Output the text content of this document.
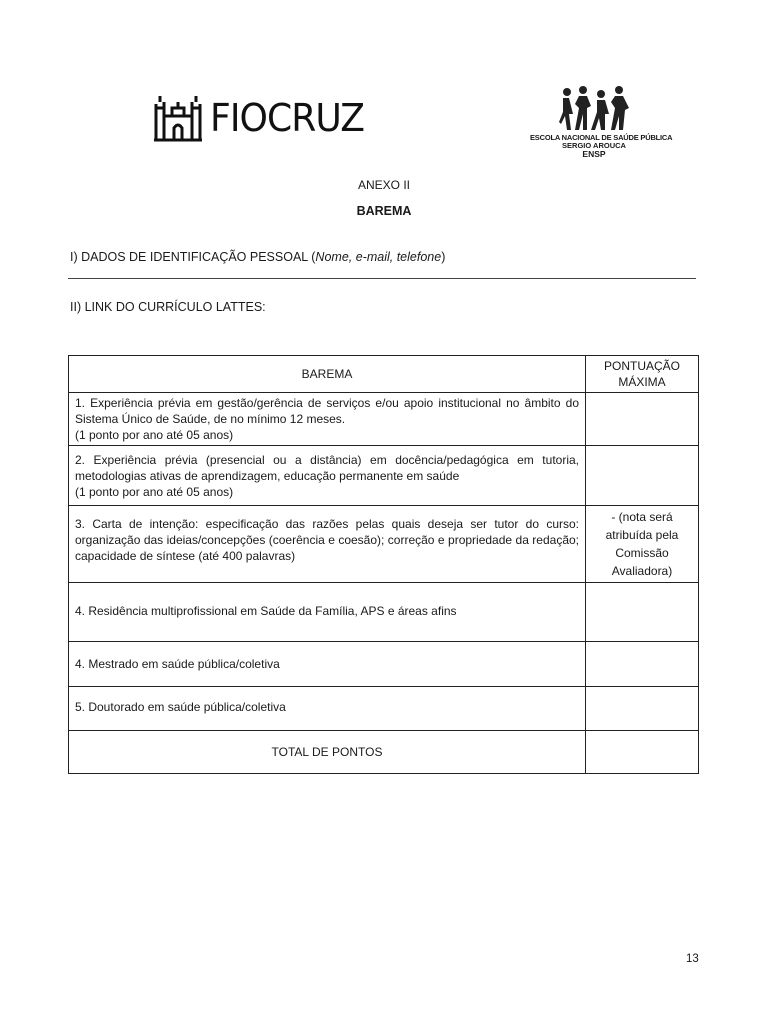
FIOCRUZ	ESCOLA NACIONAL DE SAÚDE PÚBLICA
SERGIO AROUCA
ENSP
ANEXO II
BAREMA
I) DADOS DE IDENTIFICAÇÃO PESSOAL (Nome, e-mail, telefone)
II) LINK DO CURRÍCULO LATTES:
BAREMA	PONTUAÇÃO MÁXIMA
1. Experiência prévia em gestão/gerência de serviços e/ou apoio institucional no âmbito do Sistema Único de Saúde, de no mínimo 12 meses.
(1 ponto por ano até 05 anos)	
2. Experiência prévia (presencial ou a distância) em docência/pedagógica em tutoria, metodologias ativas de aprendizagem, educação permanente em saúde
(1 ponto por ano até 05 anos)	
3. Carta de intenção: especificação das razões pelas quais deseja ser tutor do curso: organização das ideias/concepções (coerência e coesão); correção e propriedade da redação; capacidade de síntese (até 400 palavras)	- (nota será atribuída pela Comissão Avaliadora)
4. Residência multiprofissional em Saúde da Família, APS e áreas afins	
4. Mestrado em saúde pública/coletiva	
5. Doutorado em saúde pública/coletiva	
TOTAL DE PONTOS	
13
